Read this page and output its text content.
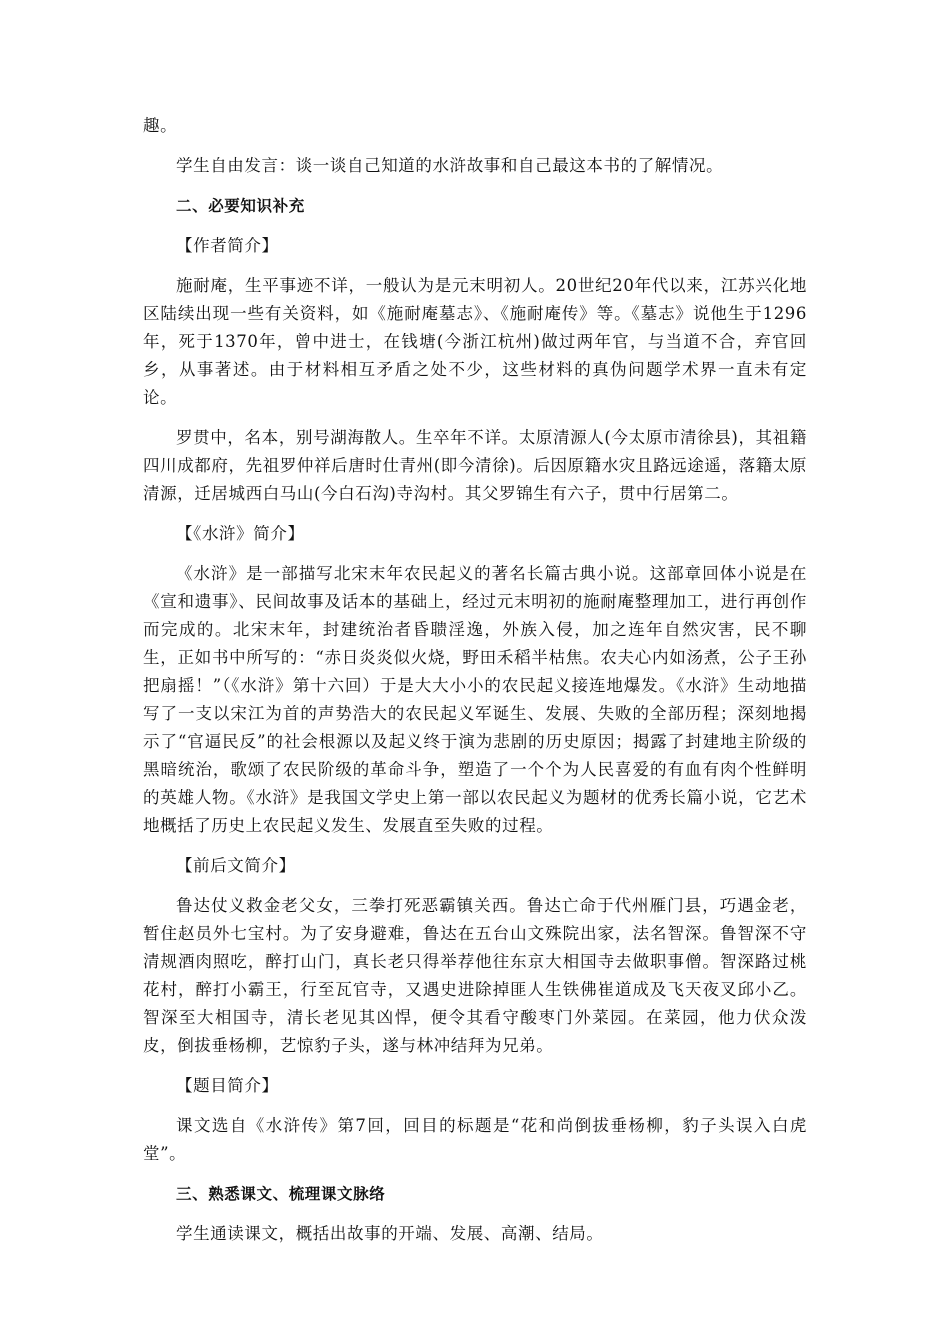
趣。

学生自由发言：谈一谈自己知道的水浒故事和自己最这本书的了解情况。

二、必要知识补充

【作者简介】

施耐庵，生平事迹不详，一般认为是元末明初人。20世纪20年代以来，江苏兴化地区陆续出现一些有关资料，如《施耐庵墓志》、《施耐庵传》等。《墓志》说他生于1296年，死于1370年，曾中进士，在钱塘(今浙江杭州)做过两年官，与当道不合，弃官回乡，从事著述。由于材料相互矛盾之处不少，这些材料的真伪问题学术界一直未有定论。

罗贯中，名本，别号湖海散人。生卒年不详。太原清源人(今太原市清徐县)，其祖籍四川成都府，先祖罗仲祥后唐时仕青州(即今清徐)。后因原籍水灾且路远途遥，落籍太原清源，迁居城西白马山(今白石沟)寺沟村。其父罗锦生有六子，贯中行居第二。

【《水浒》简介】

《水浒》是一部描写北宋末年农民起义的著名长篇古典小说。这部章回体小说是在《宣和遗事》、民间故事及话本的基础上，经过元末明初的施耐庵整理加工，进行再创作而完成的。北宋末年，封建统治者昏聩淫逸，外族入侵，加之连年自然灾害，民不聊生，正如书中所写的：“赤日炎炎似火烧，野田禾稻半枯焦。农夫心内如汤煮，公子王孙把扇摇！”（《水浒》第十六回）于是大大小小的农民起义接连地爆发。《水浒》生动地描写了一支以宋江为首的声势浩大的农民起义军诞生、发展、失败的全部历程；深刻地揭示了“官逼民反”的社会根源以及起义终于演为悲剧的历史原因；揭露了封建地主阶级的黑暗统治，歌颂了农民阶级的革命斗争，塑造了一个个为人民喜爱的有血有肉个性鲜明的英雄人物。《水浒》是我国文学史上第一部以农民起义为题材的优秀长篇小说，它艺术地概括了历史上农民起义发生、发展直至失败的过程。

【前后文简介】

鲁达仗义救金老父女，三拳打死恶霸镇关西。鲁达亡命于代州雁门县，巧遇金老，暂住赵员外七宝村。为了安身避难，鲁达在五台山文殊院出家，法名智深。鲁智深不守清规酒肉照吃，醉打山门，真长老只得举荐他往东京大相国寺去做职事僧。智深路过桃花村，醉打小霸王，行至瓦官寺，又遇史进除掉匪人生铁佛崔道成及飞天夜叉邱小乙。智深至大相国寺，清长老见其凶悍，便令其看守酸枣门外菜园。在菜园，他力伏众泼皮，倒拔垂杨柳，艺惊豹子头，遂与林冲结拜为兄弟。

【题目简介】

课文选自《水浒传》第7回，回目的标题是“花和尚倒拔垂杨柳，豹子头误入白虎堂”。

三、熟悉课文、梳理课文脉络

学生通读课文，概括出故事的开端、发展、高潮、结局。
